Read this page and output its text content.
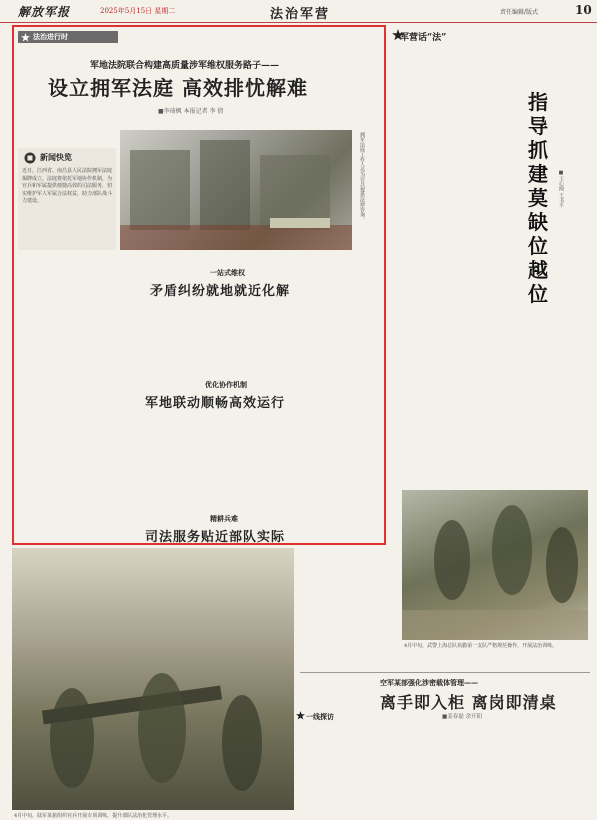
解放军报	2025年5月15日 星期二	法治军营	责任编辑/版式	10
法治进行时
军地法院联合构建高质量涉军维权服务路子——
设立拥军法庭 高效排忧解难
■李琦枫 本报记者 李 倩
新闻快览
近日，江西省、南昌县人民法院拥军法庭揭牌成立。法庭将依托军地协作机制，为官兵和军属提供便捷高效的司法服务，切实维护军人军属合法权益，助力部队战斗力建设。	拥军法庭工作人员为官兵提供法律咨询。
一站式维权
矛盾纠纷就地就近化解
优化协作机制
军地联动顺畅高效运行
精耕兵难
司法服务贴近部队实际
军营话“法”
指导抓建莫缺位越位
■王心刚 王书平
4月中旬，武警上海总队执勤第一支队严格规范操作，开展法治训练。
空军某部强化涉密载体管理——
离手即入柜 离岗即清桌
■姜春磊 余开阳
一线探访
4月中旬，陆军某旅组织官兵开展专项训练，提升部队法治化管理水平。
